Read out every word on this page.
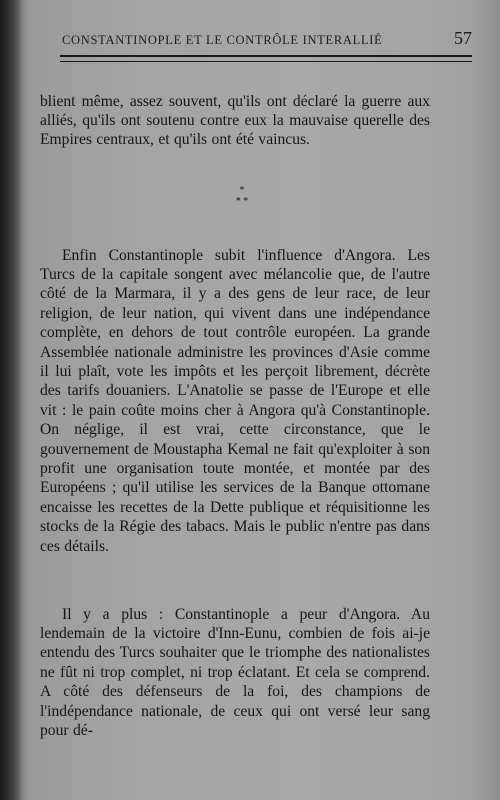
CONSTANTINOPLE ET LE CONTRÔLE INTERALLIÉ	57

blient même, assez souvent, qu'ils ont déclaré la guerre aux alliés, qu'ils ont soutenu contre eux la mauvaise querelle des Empires centraux, et qu'ils ont été vaincus.

*
* *

Enfin Constantinople subit l'influence d'Angora. Les Turcs de la capitale songent avec mélancolie que, de l'autre côté de la Marmara, il y a des gens de leur race, de leur religion, de leur nation, qui vivent dans une indépendance complète, en dehors de tout contrôle européen. La grande Assemblée nationale administre les provinces d'Asie comme il lui plaît, vote les impôts et les perçoit librement, décrète des tarifs douaniers. L'Anatolie se passe de l'Europe et elle vit : le pain coûte moins cher à Angora qu'à Constantinople. On néglige, il est vrai, cette circonstance, que le gouvernement de Moustapha Kemal ne fait qu'exploiter à son profit une organisation toute montée, et montée par des Européens ; qu'il utilise les services de la Banque ottomane encaisse les recettes de la Dette publique et réquisitionne les stocks de la Régie des tabacs. Mais le public n'entre pas dans ces détails.

Il y a plus : Constantinople a peur d'Angora. Au lendemain de la victoire d'Inn-Eunu, combien de fois ai-je entendu des Turcs souhaiter que le triomphe des nationalistes ne fût ni trop complet, ni trop éclatant. Et cela se comprend. A côté des défenseurs de la foi, des champions de l'indépendance nationale, de ceux qui ont versé leur sang pour dé-
